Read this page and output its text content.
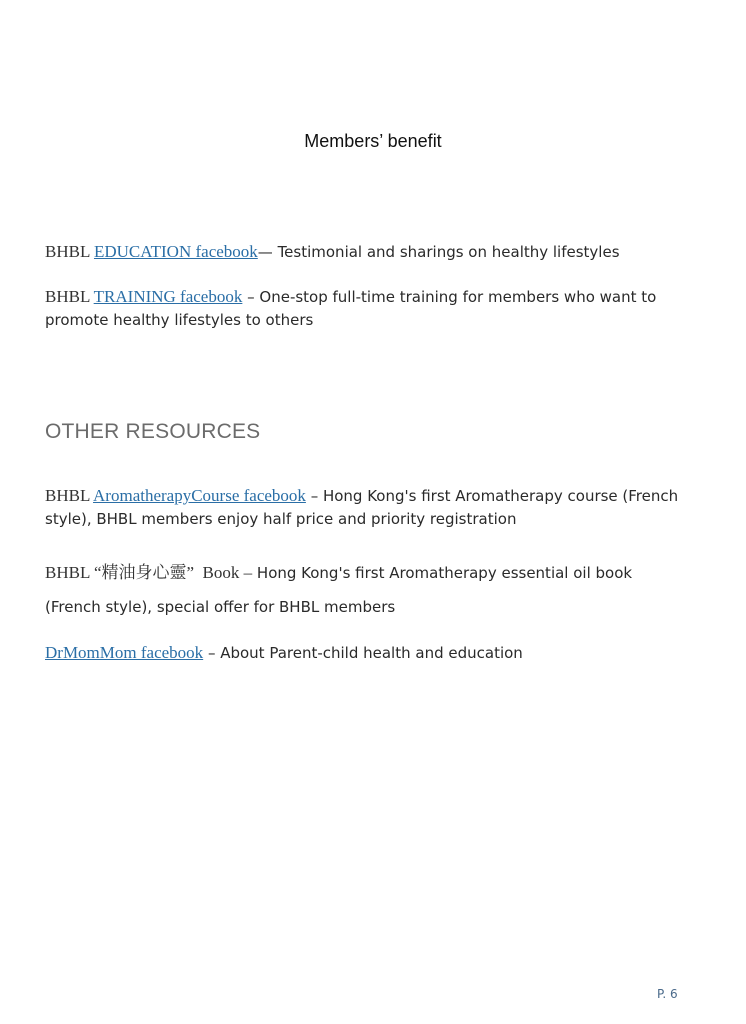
Members’ benefit
BHBL EDUCATION facebook— Testimonial and sharings on healthy lifestyles
BHBL TRAINING facebook – One-stop full-time training for members who want to promote healthy lifestyles to others
OTHER RESOURCES
BHBL AromatherapyCourse facebook – Hong Kong's first Aromatherapy course (French style), BHBL members enjoy half price and priority registration
BHBL “精油身心靈”  Book – Hong Kong's first Aromatherapy essential oil book
(French style), special offer for BHBL members
DrMomMom facebook – About Parent-child health and education
P. 6
